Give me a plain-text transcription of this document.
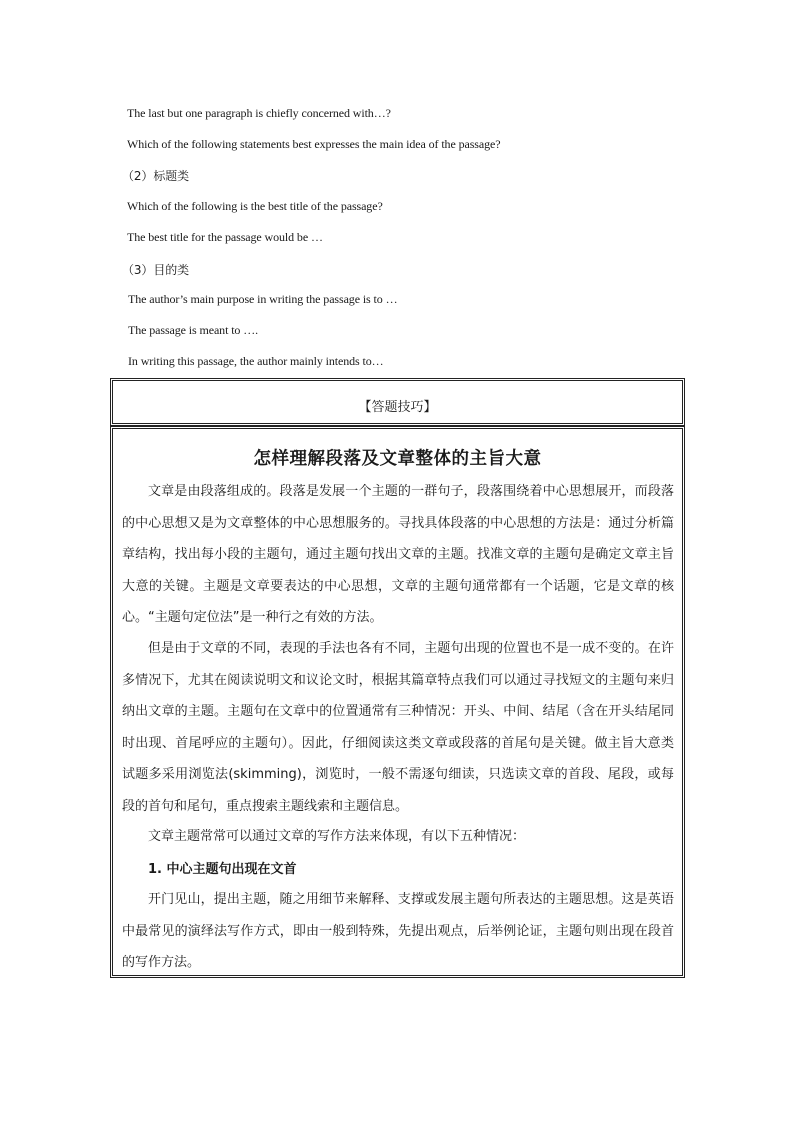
The last but one paragraph is chiefly concerned with…?
Which of the following statements best expresses the main idea of the passage?
（2）标题类
Which of the following is the best title of the passage?
The best title for the passage would be …
（3）目的类
The author’s main purpose in writing the passage is to …
The passage is meant to ….
In writing this passage, the author mainly intends to…
【答题技巧】
怎样理解段落及文章整体的主旨大意

文章是由段落组成的。段落是发展一个主题的一群句子，段落围绕着中心思想展开，而段落的中心思想又是为文章整体的中心思想服务的。寻找具体段落的中心思想的方法是：通过分析篇章结构，找出每小段的主题句，通过主题句找出文章的主题。找准文章的主题句是确定文章主旨大意的关键。主题是文章要表达的中心思想，文章的主题句通常都有一个话题，它是文章的核心。“主题句定位法”是一种行之有效的方法。

但是由于文章的不同，表现的手法也各有不同，主题句出现的位置也不是一成不变的。在许多情况下，尤其在阅读说明文和议论文时，根据其篇章特点我们可以通过寻找短文的主题句来归纳出文章的主题。主题句在文章中的位置通常有三种情况：开头、中间、结尾（含在开头结尾同时出现、首尾呼应的主题句）。因此，仔细阅读这类文章或段落的首尾句是关键。做主旨大意类试题多采用浏览法(skimming)，浏览时，一般不需逐句细读，只选读文章的首段、尾段，或每段的首句和尾句，重点搜索主题线索和主题信息。

文章主题常常可以通过文章的写作方法来体现，有以下五种情况：

1. 中心主题句出现在文首

开门见山，提出主题，随之用细节来解释、支撑或发展主题句所表达的主题思想。这是英语中最常见的演绎法写作方式，即由一般到特殊，先提出观点，后举例论证，主题句则出现在段首的写作方法。
